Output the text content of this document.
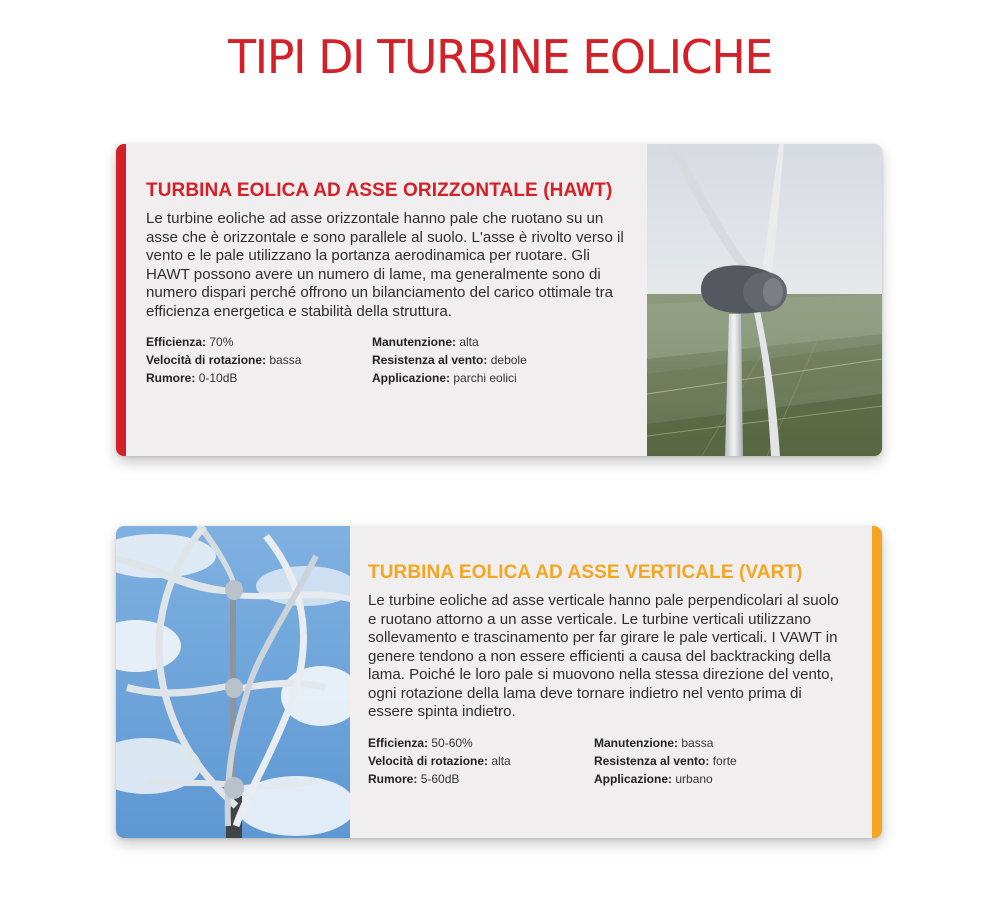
TIPI DI TURBINE EOLICHE
TURBINA EOLICA AD ASSE ORIZZONTALE (HAWT)

Le turbine eoliche ad asse orizzontale hanno pale che ruotano su un asse che è orizzontale e sono parallele al suolo. L'asse è rivolto verso il vento e le pale utilizzano la portanza aerodinamica per ruotare. Gli HAWT possono avere un numero di lame, ma generalmente sono di numero dispari perché offrono un bilanciamento del carico ottimale tra efficienza energetica e stabilità della struttura.

Efficienza: 70%
Velocità di rotazione: bassa
Rumore: 0-10dB
Manutenzione: alta
Resistenza al vento: debole
Applicazione: parchi eolici
TURBINA EOLICA AD ASSE VERTICALE (VART)

Le turbine eoliche ad asse verticale hanno pale perpendicolari al suolo e ruotano attorno a un asse verticale. Le turbine verticali utilizzano sollevamento e trascinamento per far girare le pale verticali. I VAWT in genere tendono a non essere efficienti a causa del backtracking della lama. Poiché le loro pale si muovono nella stessa direzione del vento, ogni rotazione della lama deve tornare indietro nel vento prima di essere spinta indietro.

Efficienza: 50-60%
Velocità di rotazione: alta
Rumore: 5-60dB
Manutenzione: bassa
Resistenza al vento: forte
Applicazione: urbano
